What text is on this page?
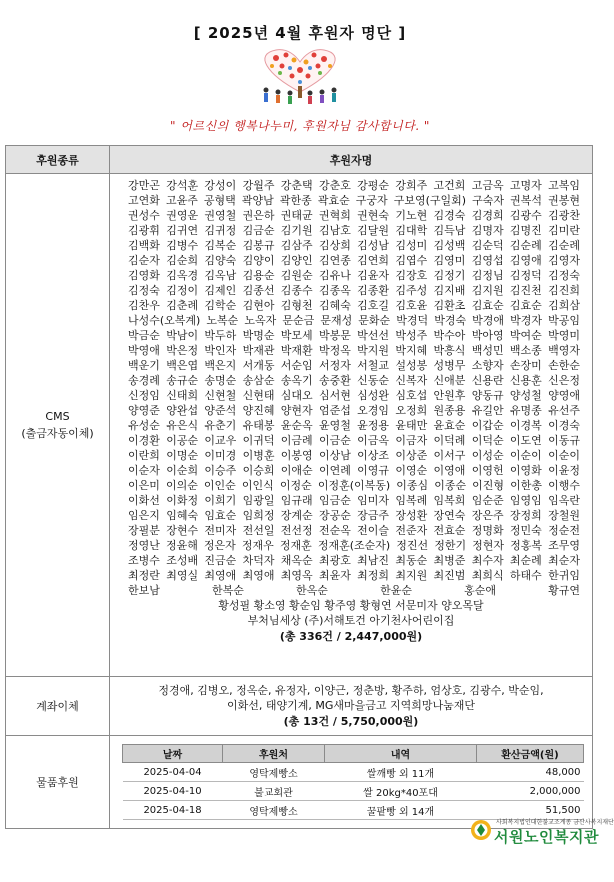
[ 2025년 4월 후원자 명단 ]
" 어르신의 행복나누미, 후원자님 감사합니다. "
후원종류	후원자명

CMS
(출금자동이체)

강만곤 강석훈 강성이 강월주 강춘택 강춘호 강평순 강희주 고건희 고금옥 고명자 고복임 고연화 고윤주 공형택 곽양남 곽한종 곽효순 구궁자 구보영(구일회) 구숙자 권복석 권봉현 권성수 권영운 권영철 권은하 권태균 권혁희 권현숙 기노현 김경숙 김경희 김광수 김광찬 김광휘 김귀연 김귀정 김금순 김기원 김남호 김달원 김대학 김득남 김명자 김명진 김미란 김백화 김병수 김복순 김봉규 김삼주 김상희 김성남 김성미 김성백 김순덕 김순례 김순례 김순자 김순희 김양숙 김양이 김양인 김연종 김연희 김엽수 김영미 김영섭 김영애 김영자 김영화 김옥경 김옥남 김용순 김원순 김유나 김윤자 김장호 김정기 김정님 김정덕 김정숙 김정숙 김정이 김제인 김종선 김종수 김종옥 김종환 김주성 김지배 김지원 김진천 김진희 김찬우 김춘례 김학순 김현아 김형천 김혜숙 김호길 김호윤 김환초 김효순 김효순 김희삼 나성수(오복계) 노복순 노옥자 문순금 문재성 문화순 박경덕 박경숙 박경애 박경자 박공임 박금순 박남이 박두하 박명순 박모세 박봉문 박선선 박성주 박수아 박아영 박여순 박영미 박영애 박은정 박인자 박재관 박재환 박정옥 박지원 박지혜 박흥식 백성민 백소종 백영자 백운기 백은엽 백은지 서개동 서순임 서정자 서철교 설성봉 성병무 소향자 손장미 손한순 송경례 송규순 송명순 송삼순 송옥기 송중환 신동순 신복자 신애분 신용란 신용훈 신은정 신정임 신태희 신현철 신현태 심대오 심서현 심성완 심호섭 안원후 양동규 양성철 양영애 양영준 양완섭 양준석 양진혜 양현자 엄준섭 오경임 오정희 원종용 유길안 유명종 유선주 유성순 유은식 유춘기 유태봉 윤순옥 윤영철 윤정용 윤태만 윤효순 이갑순 이경복 이경숙 이경환 이공순 이교우 이귀덕 이금례 이금순 이금옥 이금자 이덕례 이덕순 이도연 이동규 이란희 이명순 이미경 이병훈 이봉영 이상남 이상조 이상준 이서구 이성순 이순이 이순이 이순자 이순희 이승주 이승희 이애순 이연례 이영규 이영순 이영애 이영헌 이영화 이윤정 이은미 이의순 이인순 이인식 이정순 이정훈(이복동) 이종심 이종순 이진형 이한총 이행수 이화선 이화정 이희기 임광일 임규래 임금순 임미자 임복례 임복희 임순준 임영임 임옥란 임은지 임혜숙 임효순 임희정 장계순 장공순 장금주 장성환 장연숙 장은주 장정희 장철원 장필분 장현수 전미자 전선일 전선정 전순옥 전이슬 전준자 전효순 정명화 정민숙 정순전 정영난 정윤해 정은자 정재우 정재훈 정재훈(조순자) 정진선 정한기 정현자 정홍복 조무영 조병수 조성배 진금순 차덕자 채옥순 최광호 최남진 최동순 최병준 최수자 최순례 최순자 최정란 최영실 최영애 최영애 최영옥 최윤자 최정희 최지원 최진범 최희식 하태수 한귀임 한보남 한복순 한옥순 한윤순 홍순애 황규연
황성필 황소영 황순임 황주영 황형연 서문미자 양오목달
부처님세상 (주)서해토건 아기천사어린이집
(총 336건 / 2,447,000원)

계좌이체	
정경애, 김병오, 정옥순, 유정자, 이양근, 정춘방, 황주하, 엄상호, 김광수, 박순임,
이화선, 태양기계, MG새마을금고 지역희망나눔재단
(총 13건 / 5,750,000원)

물품후원	
날짜	후원처	내역	환산금액(원)
2025-04-04	영탁제빵소	쌀깨빵 외 11개	48,000
2025-04-10	불교회관	쌀 20kg*40포대	2,000,000
2025-04-18	영탁제빵소	꿀팥빵 외 14개	51,500
사회복지법인대한불교조계종 금산사복지재단
서원노인복지관
